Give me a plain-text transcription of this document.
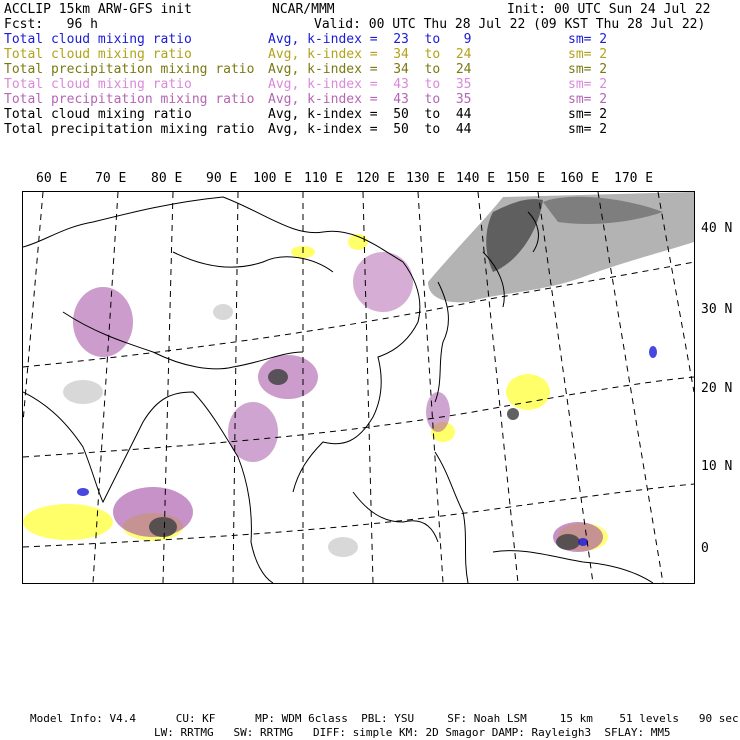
ACCLIP 15km ARW-GFS init	NCAR/MMM	Init: 00 UTC Sun 24 Jul 22
Fcst:   96 h	Valid: 00 UTC Thu 28 Jul 22 (09 KST Thu 28 Jul 22)
Total cloud mixing ratio	Avg, k-index =  23  to   9	sm= 2
Total cloud mixing ratio	Avg, k-index =  34  to  24	sm= 2
Total precipitation mixing ratio Avg, k-index =  34  to  24	sm= 2
Total cloud mixing ratio	Avg, k-index =  43  to  35	sm= 2
Total precipitation mixing ratio Avg, k-index =  43  to  35	sm= 2
Total cloud mixing ratio	Avg, k-index =  50  to  44	sm= 2
Total precipitation mixing ratio Avg, k-index =  50  to  44	sm= 2
60 E 70 E 80 E 90 E 100 E 110 E 120 E 130 E 140 E 150 E 160 E 170 E
40 N
30 N
20 N
10 N
0
Model Info: V4.4      CU: KF      MP: WDM 6class  PBL: YSU     SF: Noah LSM     15 km    51 levels   90 sec
LW: RRTMG   SW: RRTMG   DIFF: simple KM: 2D Smagor DAMP: Rayleigh3  SFLAY: MM5
